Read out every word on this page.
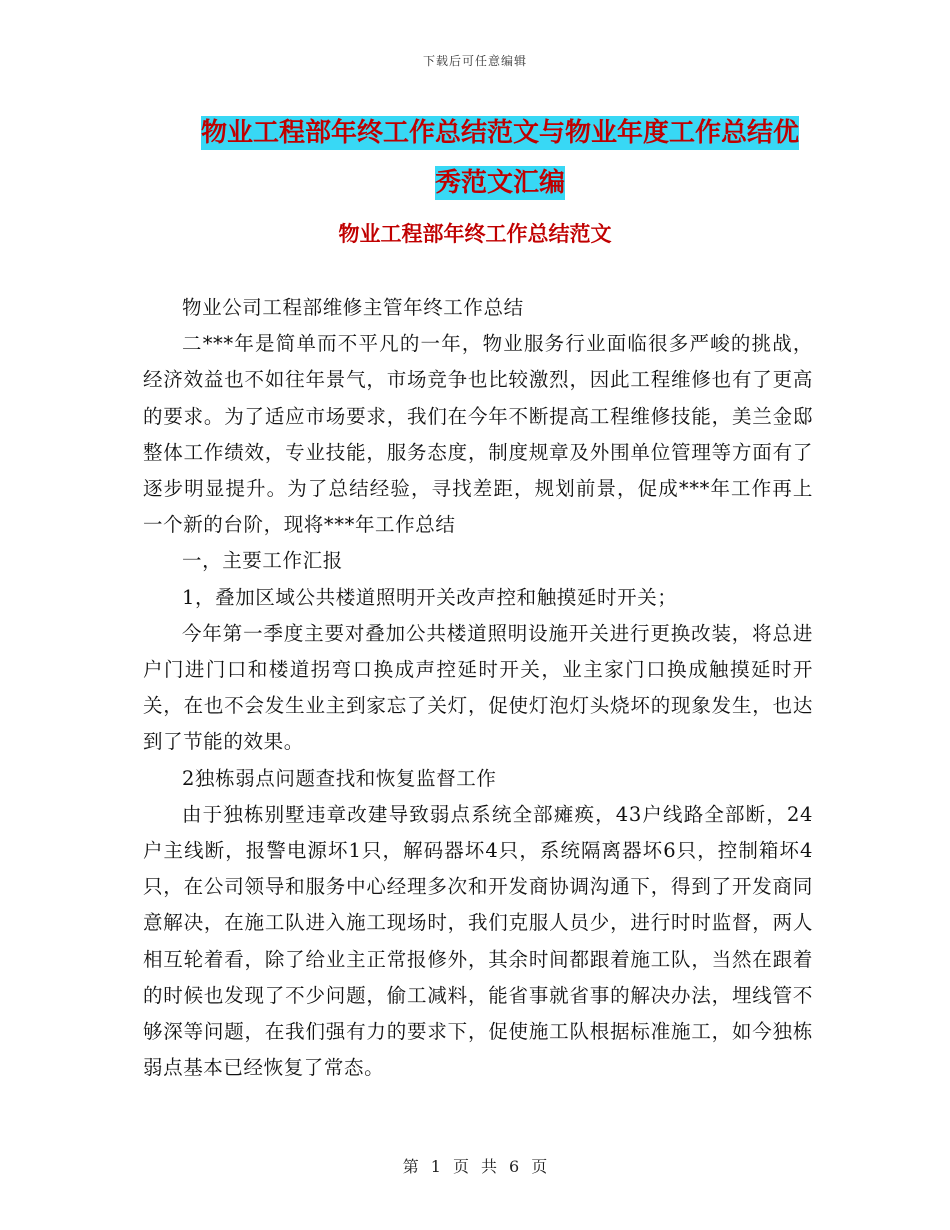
下载后可任意编辑
物业工程部年终工作总结范文与物业年度工作总结优
秀范文汇编
物业工程部年终工作总结范文

物业公司工程部维修主管年终工作总结

二***年是简单而不平凡的一年，物业服务行业面临很多严峻的挑战，经济效益也不如往年景气，市场竞争也比较激烈，因此工程维修也有了更高的要求。为了适应市场要求，我们在今年不断提高工程维修技能，美兰金邸整体工作绩效，专业技能，服务态度，制度规章及外围单位管理等方面有了逐步明显提升。为了总结经验，寻找差距，规划前景，促成***年工作再上一个新的台阶，现将***年工作总结

一，主要工作汇报

1，叠加区域公共楼道照明开关改声控和触摸延时开关；

今年第一季度主要对叠加公共楼道照明设施开关进行更换改装，将总进户门进门口和楼道拐弯口换成声控延时开关，业主家门口换成触摸延时开关，在也不会发生业主到家忘了关灯，促使灯泡灯头烧坏的现象发生，也达到了节能的效果。

2独栋弱点问题查找和恢复监督工作

由于独栋别墅违章改建导致弱点系统全部瘫痪，43户线路全部断，24户主线断，报警电源坏1只，解码器坏4只，系统隔离器坏6只，控制箱坏4只，在公司领导和服务中心经理多次和开发商协调沟通下，得到了开发商同意解决，在施工队进入施工现场时，我们克服人员少，进行时时监督，两人相互轮着看，除了给业主正常报修外，其余时间都跟着施工队，当然在跟着的时候也发现了不少问题，偷工减料，能省事就省事的解决办法，埋线管不够深等问题，在我们强有力的要求下，促使施工队根据标准施工，如今独栋弱点基本已经恢复了常态。

第 1 页 共 6 页
